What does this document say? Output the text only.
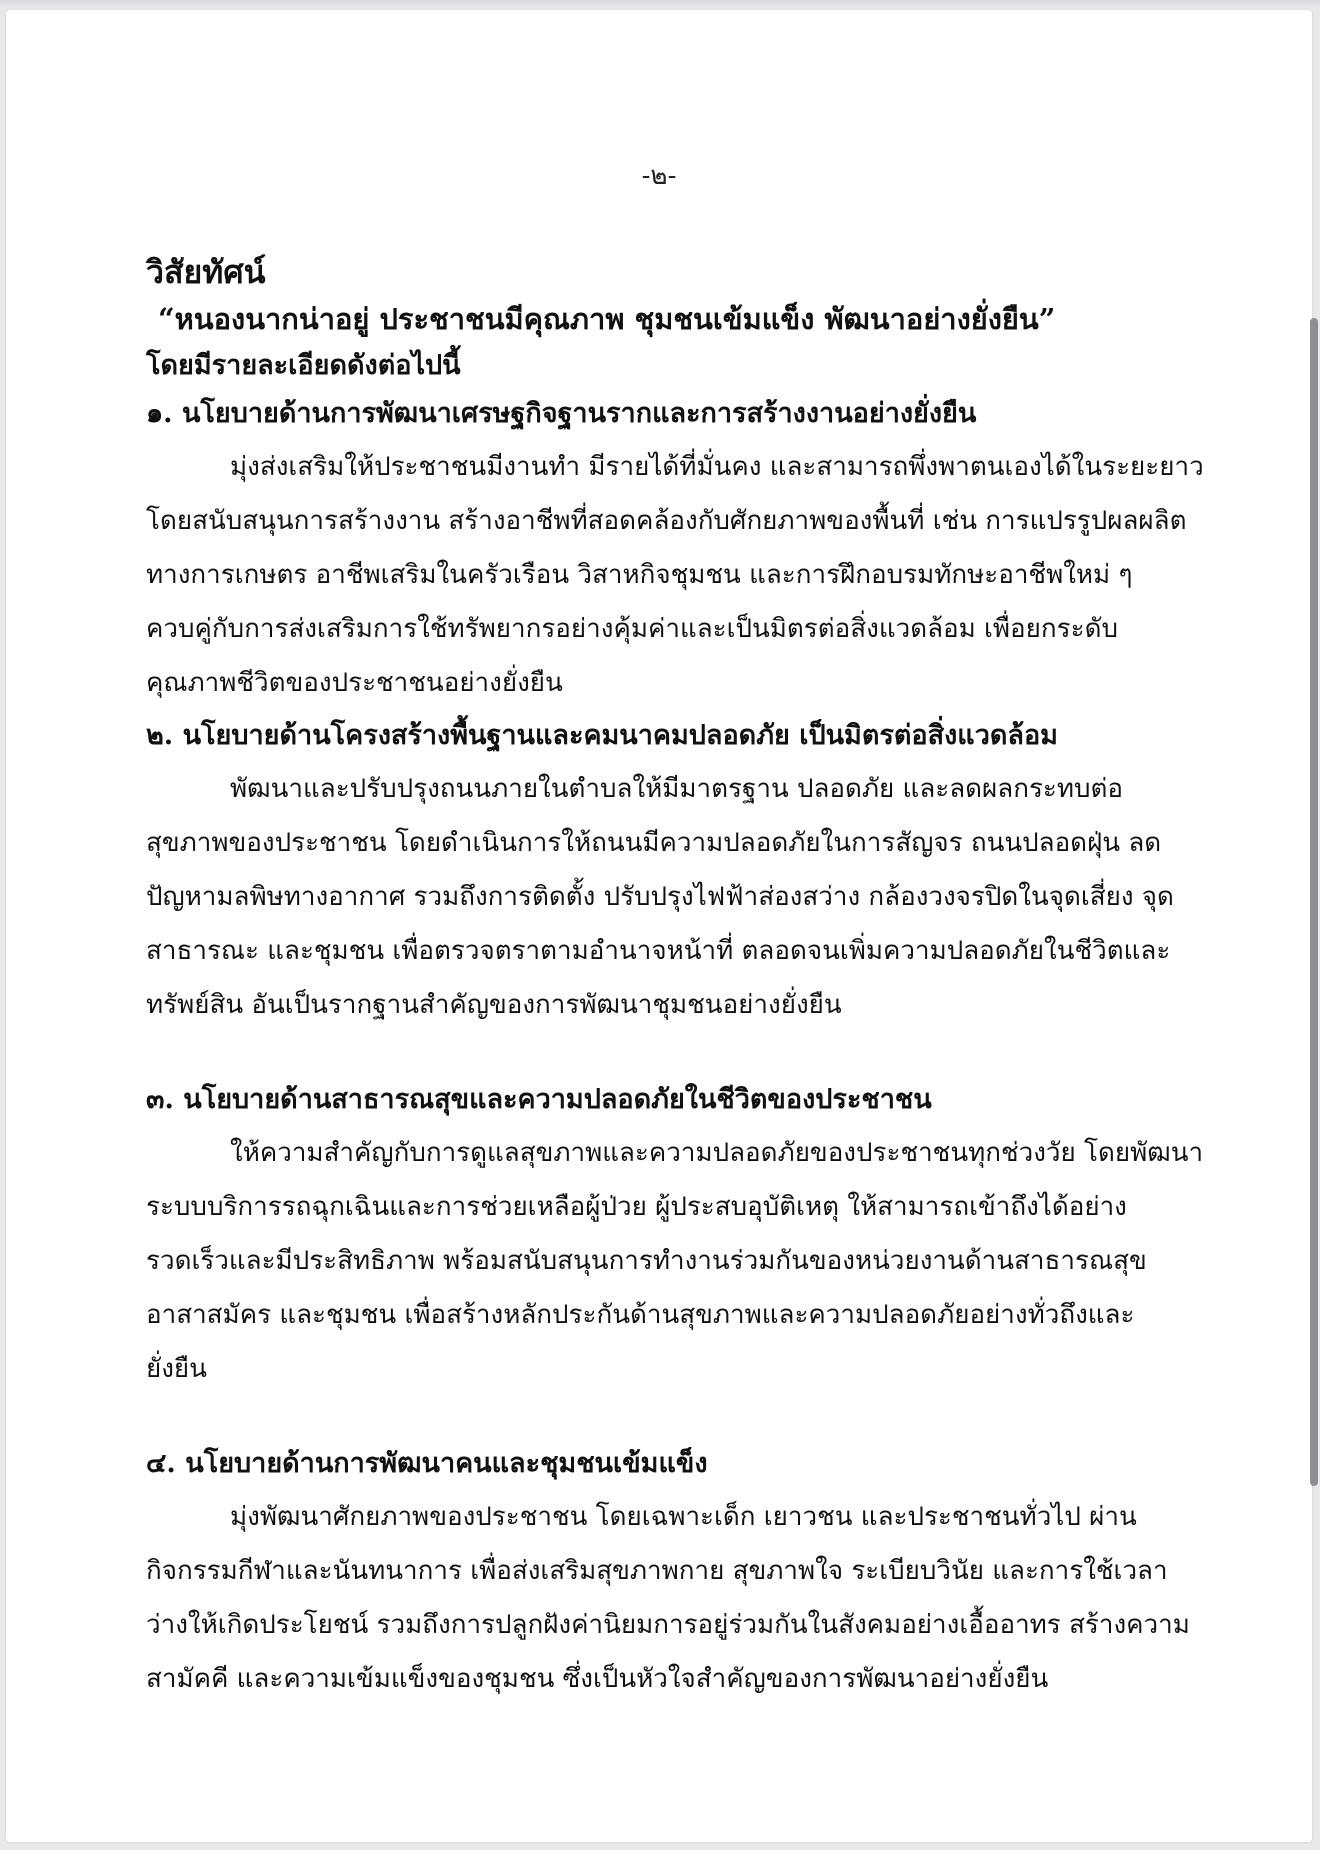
-๒-

วิสัยทัศน์

“หนองนากน่าอยู่ ประชาชนมีคุณภาพ ชุมชนเข้มแข็ง พัฒนาอย่างยั่งยืน”

โดยมีรายละเอียดดังต่อไปนี้

๑. นโยบายด้านการพัฒนาเศรษฐกิจฐานรากและการสร้างงานอย่างยั่งยืน

มุ่งส่งเสริมให้ประชาชนมีงานทำ มีรายได้ที่มั่นคง และสามารถพึ่งพาตนเองได้ในระยะยาว

โดยสนับสนุนการสร้างงาน สร้างอาชีพที่สอดคล้องกับศักยภาพของพื้นที่ เช่น การแปรรูปผลผลิต

ทางการเกษตร อาชีพเสริมในครัวเรือน วิสาหกิจชุมชน และการฝึกอบรมทักษะอาชีพใหม่ ๆ

ควบคู่กับการส่งเสริมการใช้ทรัพยากรอย่างคุ้มค่าและเป็นมิตรต่อสิ่งแวดล้อม เพื่อยกระดับ

คุณภาพชีวิตของประชาชนอย่างยั่งยืน

๒. นโยบายด้านโครงสร้างพื้นฐานและคมนาคมปลอดภัย เป็นมิตรต่อสิ่งแวดล้อม

พัฒนาและปรับปรุงถนนภายในตำบลให้มีมาตรฐาน ปลอดภัย และลดผลกระทบต่อ

สุขภาพของประชาชน โดยดำเนินการให้ถนนมีความปลอดภัยในการสัญจร ถนนปลอดฝุ่น ลด

ปัญหามลพิษทางอากาศ รวมถึงการติดตั้ง ปรับปรุงไฟฟ้าส่องสว่าง กล้องวงจรปิดในจุดเสี่ยง จุด

สาธารณะ และชุมชน เพื่อตรวจตราตามอำนาจหน้าที่ ตลอดจนเพิ่มความปลอดภัยในชีวิตและ

ทรัพย์สิน อันเป็นรากฐานสำคัญของการพัฒนาชุมชนอย่างยั่งยืน

๓. นโยบายด้านสาธารณสุขและความปลอดภัยในชีวิตของประชาชน

ให้ความสำคัญกับการดูแลสุขภาพและความปลอดภัยของประชาชนทุกช่วงวัย โดยพัฒนา

ระบบบริการรถฉุกเฉินและการช่วยเหลือผู้ป่วย ผู้ประสบอุบัติเหตุ ให้สามารถเข้าถึงได้อย่าง

รวดเร็วและมีประสิทธิภาพ พร้อมสนับสนุนการทำงานร่วมกันของหน่วยงานด้านสาธารณสุข

อาสาสมัคร และชุมชน เพื่อสร้างหลักประกันด้านสุขภาพและความปลอดภัยอย่างทั่วถึงและ

ยั่งยืน

๔. นโยบายด้านการพัฒนาคนและชุมชนเข้มแข็ง

มุ่งพัฒนาศักยภาพของประชาชน โดยเฉพาะเด็ก เยาวชน และประชาชนทั่วไป ผ่าน

กิจกรรมกีฬาและนันทนาการ เพื่อส่งเสริมสุขภาพกาย สุขภาพใจ ระเบียบวินัย และการใช้เวลา

ว่างให้เกิดประโยชน์ รวมถึงการปลูกฝังค่านิยมการอยู่ร่วมกันในสังคมอย่างเอื้ออาทร สร้างความ

สามัคคี และความเข้มแข็งของชุมชน ซึ่งเป็นหัวใจสำคัญของการพัฒนาอย่างยั่งยืน
